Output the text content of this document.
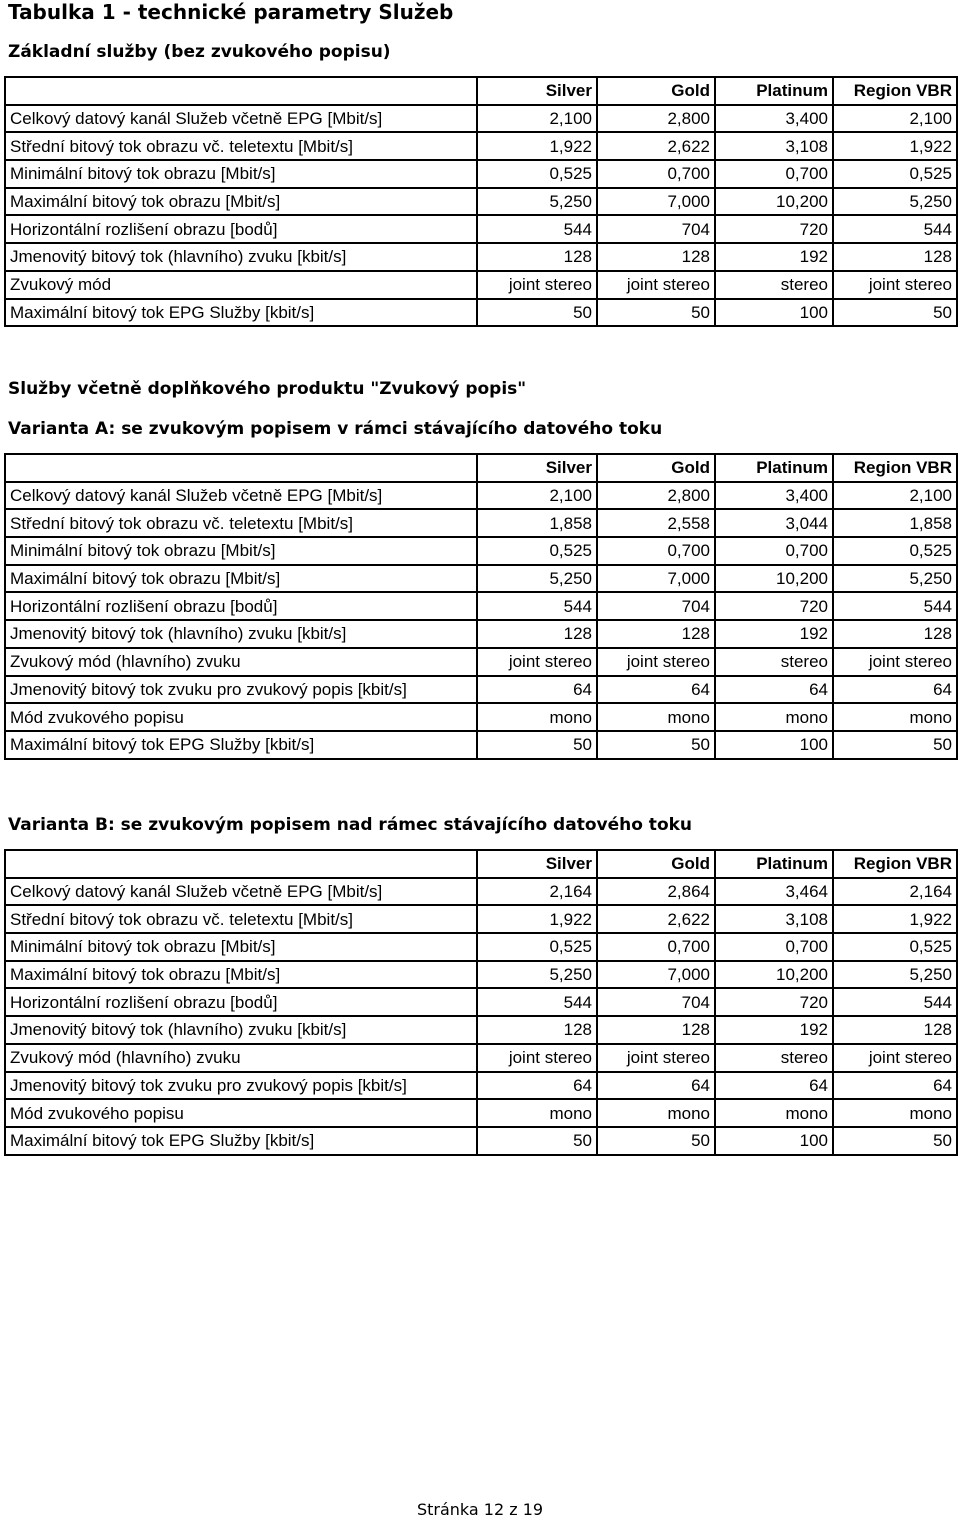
Tabulka 1 - technické parametry Služeb
Základní služby (bez zvukového popisu)
	Silver	Gold	Platinum	Region VBR
Celkový datový kanál Služeb včetně EPG [Mbit/s]	2,100	2,800	3,400	2,100
Střední bitový tok obrazu vč. teletextu [Mbit/s]	1,922	2,622	3,108	1,922
Minimální bitový tok obrazu [Mbit/s]	0,525	0,700	0,700	0,525
Maximální bitový tok obrazu [Mbit/s]	5,250	7,000	10,200	5,250
Horizontální rozlišení obrazu [bodů]	544	704	720	544
Jmenovitý bitový tok (hlavního) zvuku [kbit/s]	128	128	192	128
Zvukový mód	joint stereo	joint stereo	stereo	joint stereo
Maximální bitový tok EPG Služby [kbit/s]	50	50	100	50
Služby včetně doplňkového produktu "Zvukový popis"
Varianta A: se zvukovým popisem v rámci stávajícího datového toku
	Silver	Gold	Platinum	Region VBR
Celkový datový kanál Služeb včetně EPG [Mbit/s]	2,100	2,800	3,400	2,100
Střední bitový tok obrazu vč. teletextu [Mbit/s]	1,858	2,558	3,044	1,858
Minimální bitový tok obrazu [Mbit/s]	0,525	0,700	0,700	0,525
Maximální bitový tok obrazu [Mbit/s]	5,250	7,000	10,200	5,250
Horizontální rozlišení obrazu [bodů]	544	704	720	544
Jmenovitý bitový tok (hlavního) zvuku [kbit/s]	128	128	192	128
Zvukový mód (hlavního) zvuku	joint stereo	joint stereo	stereo	joint stereo
Jmenovitý bitový tok zvuku pro zvukový popis [kbit/s]	64	64	64	64
Mód zvukového popisu	mono	mono	mono	mono
Maximální bitový tok EPG Služby [kbit/s]	50	50	100	50
Varianta B: se zvukovým popisem nad rámec stávajícího datového toku
	Silver	Gold	Platinum	Region VBR
Celkový datový kanál Služeb včetně EPG [Mbit/s]	2,164	2,864	3,464	2,164
Střední bitový tok obrazu vč. teletextu [Mbit/s]	1,922	2,622	3,108	1,922
Minimální bitový tok obrazu [Mbit/s]	0,525	0,700	0,700	0,525
Maximální bitový tok obrazu [Mbit/s]	5,250	7,000	10,200	5,250
Horizontální rozlišení obrazu [bodů]	544	704	720	544
Jmenovitý bitový tok (hlavního) zvuku [kbit/s]	128	128	192	128
Zvukový mód (hlavního) zvuku	joint stereo	joint stereo	stereo	joint stereo
Jmenovitý bitový tok zvuku pro zvukový popis [kbit/s]	64	64	64	64
Mód zvukového popisu	mono	mono	mono	mono
Maximální bitový tok EPG Služby [kbit/s]	50	50	100	50
Stránka 12 z 19
